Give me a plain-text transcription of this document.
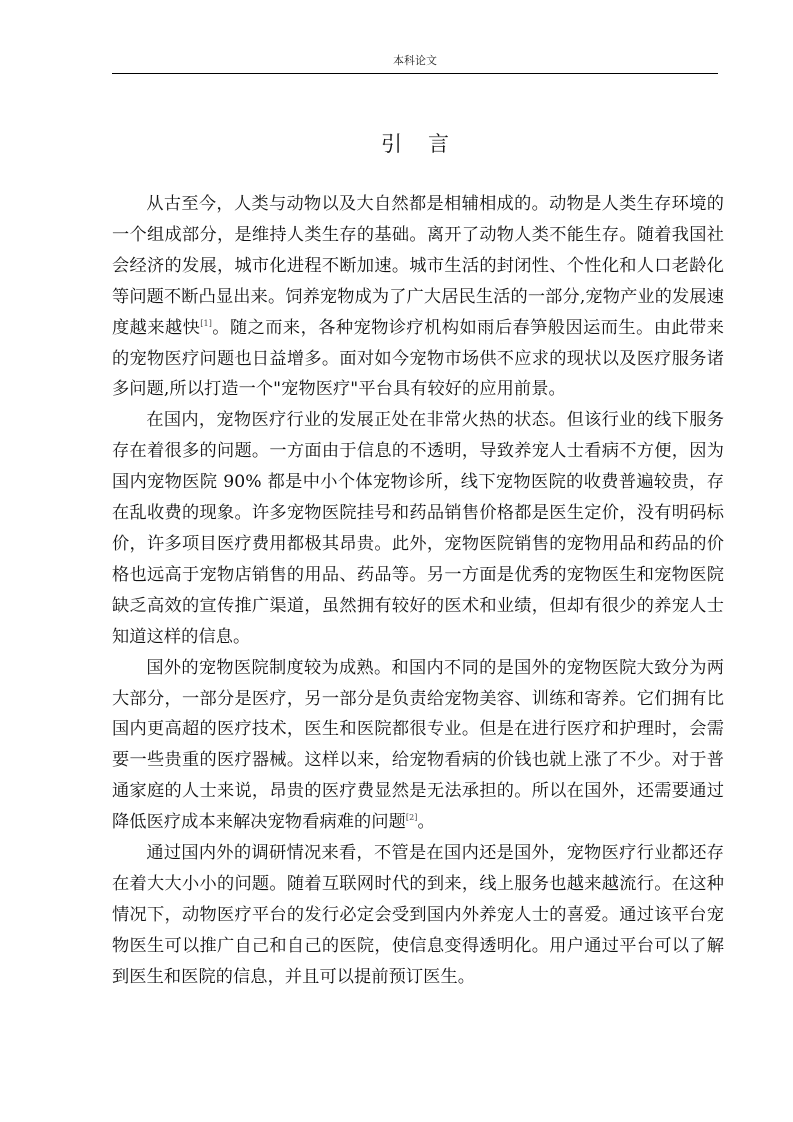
本科论文
引言

从古至今，人类与动物以及大自然都是相辅相成的。动物是人类生存环境的一个组成部分，是维持人类生存的基础。离开了动物人类不能生存。随着我国社会经济的发展，城市化进程不断加速。城市生活的封闭性、个性化和人口老龄化等问题不断凸显出来。饲养宠物成为了广大居民生活的一部分,宠物产业的发展速度越来越快[1]。随之而来，各种宠物诊疗机构如雨后春笋般因运而生。由此带来的宠物医疗问题也日益增多。面对如今宠物市场供不应求的现状以及医疗服务诸多问题,所以打造一个"宠物医疗"平台具有较好的应用前景。

在国内，宠物医疗行业的发展正处在非常火热的状态。但该行业的线下服务存在着很多的问题。一方面由于信息的不透明，导致养宠人士看病不方便，因为国内宠物医院 90% 都是中小个体宠物诊所，线下宠物医院的收费普遍较贵，存在乱收费的现象。许多宠物医院挂号和药品销售价格都是医生定价，没有明码标价，许多项目医疗费用都极其昂贵。此外，宠物医院销售的宠物用品和药品的价格也远高于宠物店销售的用品、药品等。另一方面是优秀的宠物医生和宠物医院缺乏高效的宣传推广渠道，虽然拥有较好的医术和业绩，但却有很少的养宠人士知道这样的信息。

国外的宠物医院制度较为成熟。和国内不同的是国外的宠物医院大致分为两大部分，一部分是医疗，另一部分是负责给宠物美容、训练和寄养。它们拥有比国内更高超的医疗技术，医生和医院都很专业。但是在进行医疗和护理时，会需要一些贵重的医疗器械。这样以来，给宠物看病的价钱也就上涨了不少。对于普通家庭的人士来说，昂贵的医疗费显然是无法承担的。所以在国外，还需要通过降低医疗成本来解决宠物看病难的问题[2]。

通过国内外的调研情况来看，不管是在国内还是国外，宠物医疗行业都还存在着大大小小的问题。随着互联网时代的到来，线上服务也越来越流行。在这种情况下，动物医疗平台的发行必定会受到国内外养宠人士的喜爱。通过该平台宠物医生可以推广自己和自己的医院，使信息变得透明化。用户通过平台可以了解到医生和医院的信息，并且可以提前预订医生。
